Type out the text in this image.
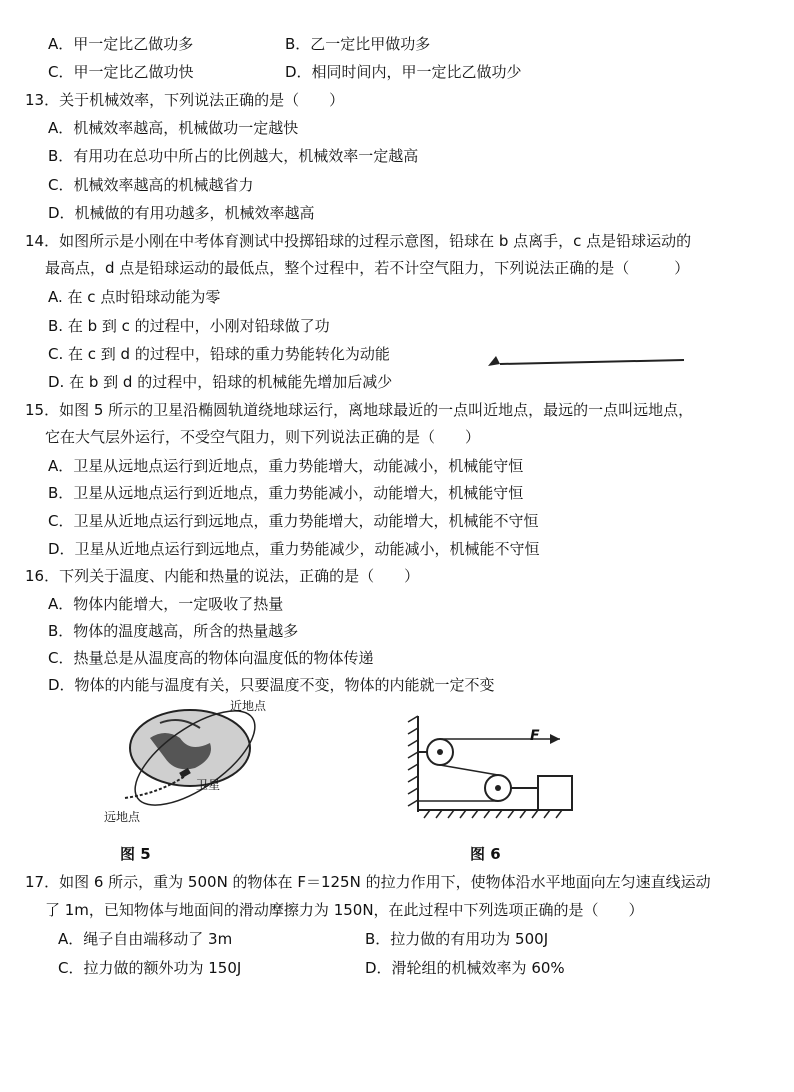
A．甲一定比乙做功多	B．乙一定比甲做功多
C．甲一定比乙做功快	D．相同时间内，甲一定比乙做功少
13．关于机械效率，下列说法正确的是（　　）
A．机械效率越高，机械做功一定越快
B．有用功在总功中所占的比例越大，机械效率一定越高
C．机械效率越高的机械越省力
D．机械做的有用功越多，机械效率越高
14．如图所示是小刚在中考体育测试中投掷铅球的过程示意图，铅球在 b 点离手，c 点是铅球运动的
最高点，d 点是铅球运动的最低点，整个过程中，若不计空气阻力，下列说法正确的是（　　　）
A. 在 c 点时铅球动能为零
B. 在 b 到 c 的过程中，小刚对铅球做了功
C. 在 c 到 d 的过程中，铅球的重力势能转化为动能
D. 在 b 到 d 的过程中，铅球的机械能先增加后减少
15．如图 5 所示的卫星沿椭圆轨道绕地球运行，离地球最近的一点叫近地点，最远的一点叫远地点，
它在大气层外运行，不受空气阻力，则下列说法正确的是（　　）
A．卫星从远地点运行到近地点，重力势能增大，动能减小，机械能守恒
B．卫星从远地点运行到近地点，重力势能减小，动能增大，机械能守恒
C．卫星从近地点运行到远地点，重力势能增大，动能增大，机械能不守恒
D．卫星从近地点运行到远地点，重力势能减少，动能减小，机械能不守恒
16．下列关于温度、内能和热量的说法，正确的是（　　）
A．物体内能增大，一定吸收了热量
B．物体的温度越高，所含的热量越多
C．热量总是从温度高的物体向温度低的物体传递
D．物体的内能与温度有关，只要温度不变，物体的内能就一定不变
近地点
卫星
远地点
图 5
F
图 6
17．如图 6 所示，重为 500N 的物体在 F＝125N 的拉力作用下，使物体沿水平地面向左匀速直线运动
了 1m，已知物体与地面间的滑动摩擦力为 150N，在此过程中下列选项正确的是（　　）
A．绳子自由端移动了 3m	B．拉力做的有用功为 500J
C．拉力做的额外功为 150J	D．滑轮组的机械效率为 60%
